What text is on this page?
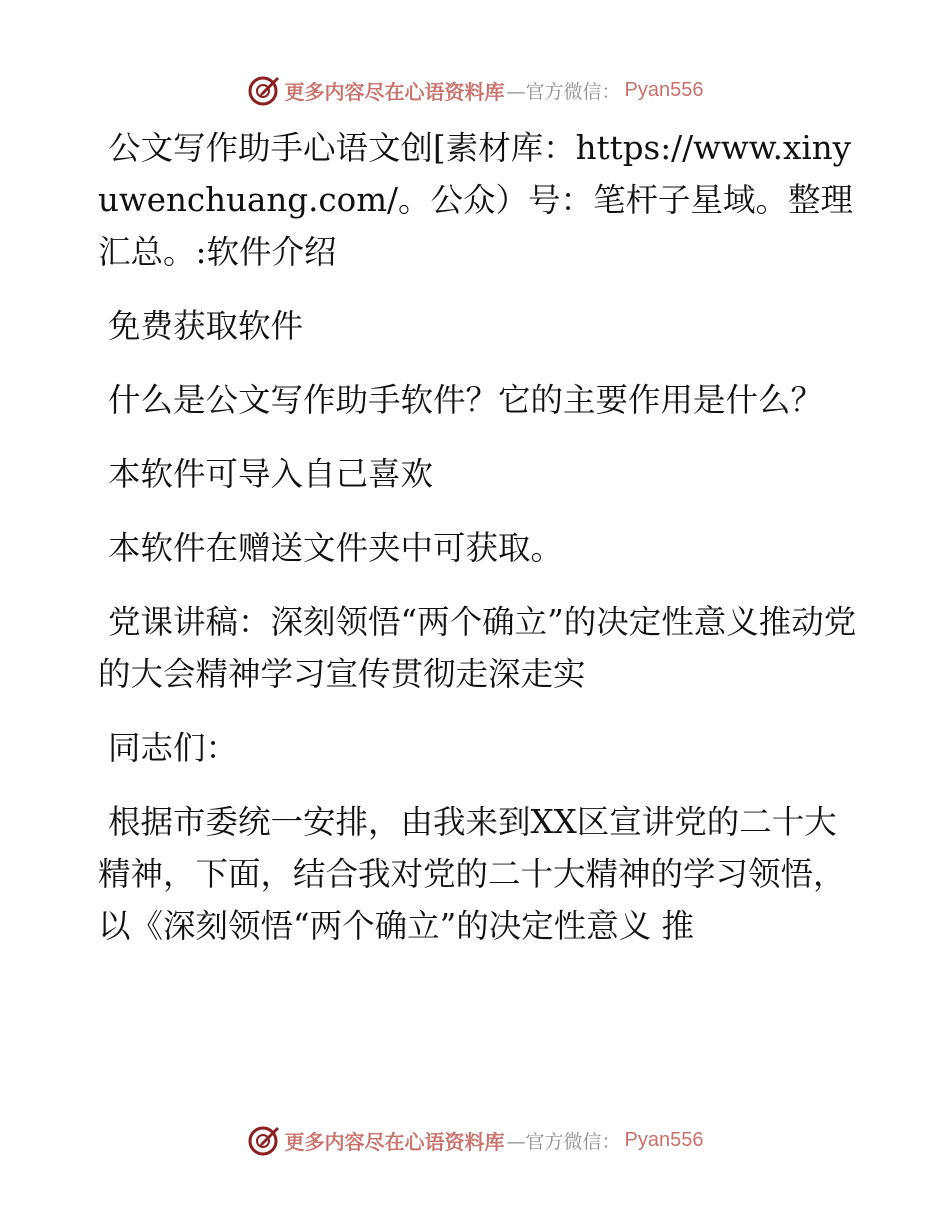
更多内容尽在心语资料库 —官方微信： Pyan556

公文写作助手心语文创[素材库：https://www.xinyuwenchuang.com/。公众）号：笔杆子星域。整理汇总。:软件介绍

免费获取软件

什么是公文写作助手软件？它的主要作用是什么？

本软件可导入自己喜欢

本软件在赠送文件夹中可获取。

党课讲稿：深刻领悟“两个确立”的决定性意义推动党的大会精神学习宣传贯彻走深走实

同志们：

根据市委统一安排，由我来到XX区宣讲党的二十大精神，下面，结合我对党的二十大精神的学习领悟，以《深刻领悟“两个确立”的决定性意义 推

更多内容尽在心语资料库 —官方微信： Pyan556
